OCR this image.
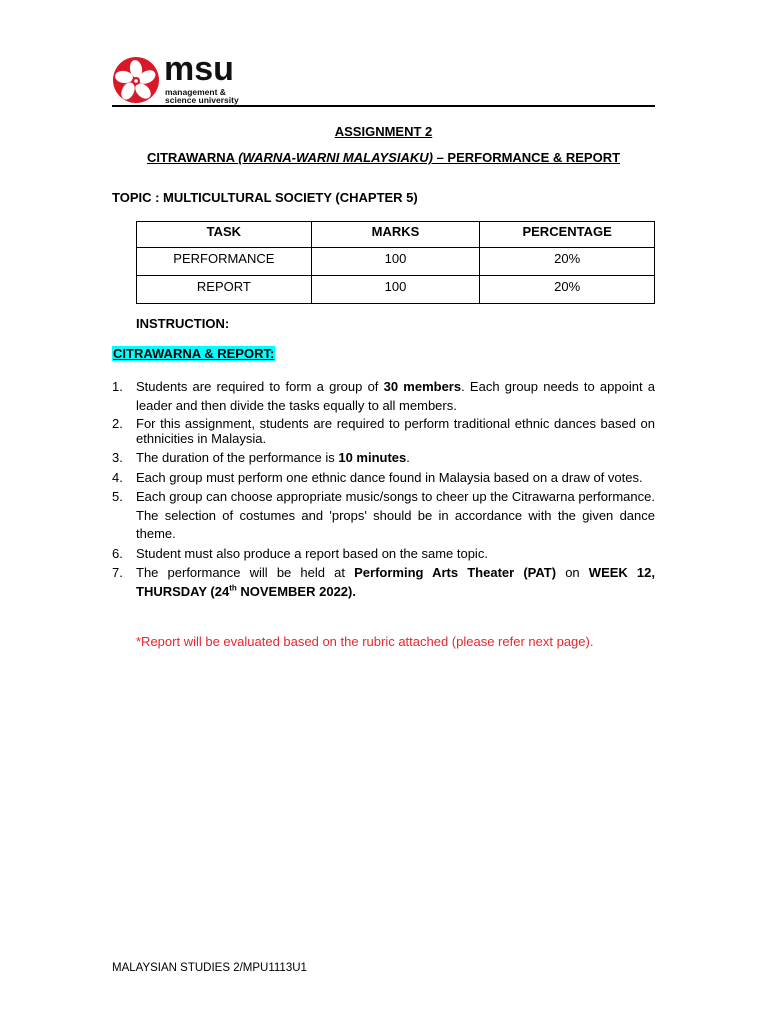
msu
management &
science university
ASSIGNMENT 2
CITRAWARNA (WARNA-WARNI MALAYSIAKU) – PERFORMANCE & REPORT
TOPIC : MULTICULTURAL SOCIETY (CHAPTER 5)
TASK	MARKS	PERCENTAGE
PERFORMANCE	100	20%
REPORT	100	20%
INSTRUCTION:
CITRAWARNA & REPORT:
1. Students are required to form a group of 30 members. Each group needs to appoint a leader and then divide the tasks equally to all members.
2. For this assignment, students are required to perform traditional ethnic dances based on ethnicities in Malaysia.
3. The duration of the performance is 10 minutes.
4. Each group must perform one ethnic dance found in Malaysia based on a draw of votes.
5. Each group can choose appropriate music/songs to cheer up the Citrawarna performance. The selection of costumes and 'props' should be in accordance with the given dance theme.
6. Student must also produce a report based on the same topic.
7. The performance will be held at Performing Arts Theater (PAT) on WEEK 12, THURSDAY (24th NOVEMBER 2022).
*Report will be evaluated based on the rubric attached (please refer next page).
MALAYSIAN STUDIES 2/MPU1113U1
